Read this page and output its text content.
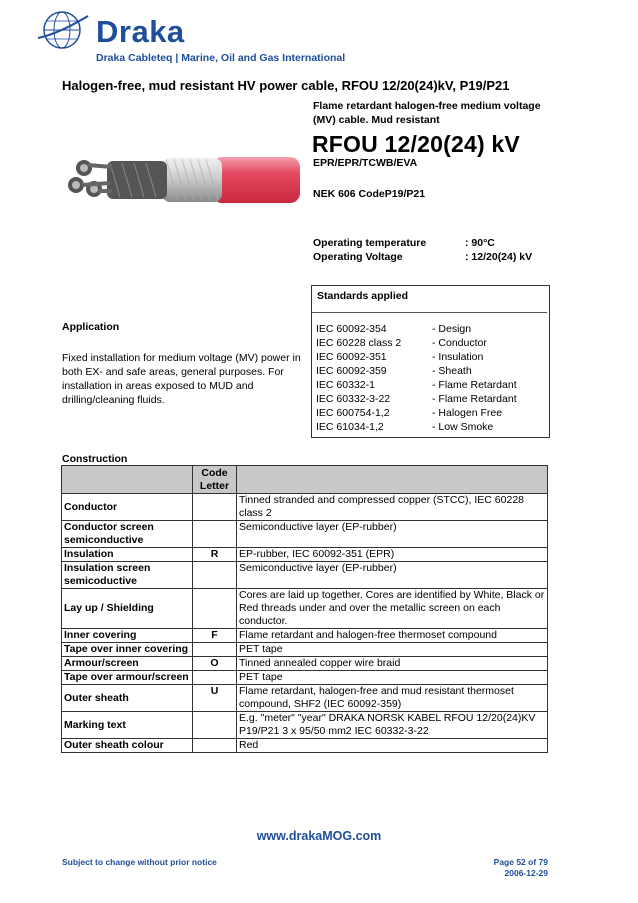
Draka
Draka Cableteq | Marine, Oil and Gas International
Halogen-free, mud resistant HV power cable, RFOU 12/20(24)kV, P19/P21
Flame retardant halogen-free medium voltage (MV) cable. Mud resistant
RFOU 12/20(24) kV
EPR/EPR/TCWB/EVA
NEK 606 CodeP19/P21
Operating temperature	: 90°C
Operating Voltage	: 12/20(24) kV
Standards applied
IEC 60092-354	- Design
IEC 60228 class 2	- Conductor
IEC 60092-351	- Insulation
IEC 60092-359	- Sheath
IEC 60332-1	- Flame Retardant
IEC 60332-3-22	- Flame Retardant
IEC 600754-1,2	- Halogen Free
IEC 61034-1,2	- Low Smoke
Application
Fixed installation for medium voltage (MV) power in both EX- and safe areas, general purposes. For installation in areas exposed to MUD and drilling/cleaning fluids.
Construction
	Code Letter	
Conductor		Tinned stranded and compressed copper (STCC), IEC 60228 class 2
Conductor screen semiconductive		Semiconductive layer (EP-rubber)
Insulation	R	EP-rubber, IEC 60092-351 (EPR)
Insulation screen semicoductive		Semiconductive layer (EP-rubber)
Lay up / Shielding		Cores are laid up together. Cores are identified by White, Black or Red threads under and over the metallic screen on each conductor.
Inner covering	F	Flame retardant and halogen-free thermoset compound
Tape over inner covering		PET tape
Armour/screen	O	Tinned annealed copper wire braid
Tape over armour/screen		PET tape
Outer sheath	U	Flame retardant, halogen-free and mud resistant thermoset compound, SHF2 (IEC 60092-359)
Marking text		E.g. "meter" "year" DRAKA NORSK KABEL RFOU 12/20(24)KV P19/P21 3 x 95/50 mm2 IEC 60332-3-22
Outer sheath colour		Red
www.drakaMOG.com
Subject to change without prior notice	Page 52 of 79
2006-12-29
